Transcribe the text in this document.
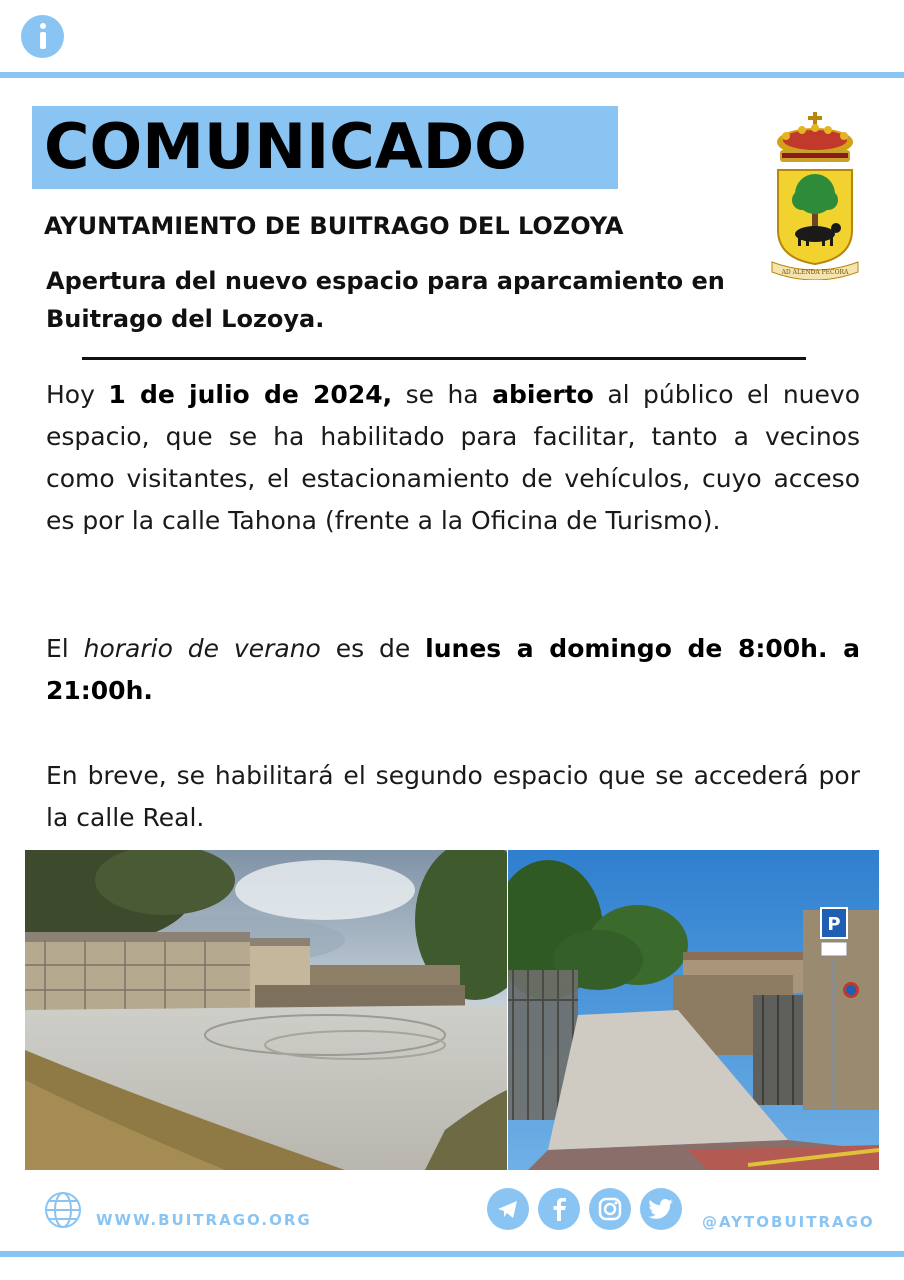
COMUNICADO
AYUNTAMIENTO DE BUITRAGO DEL LOZOYA
AD ALENDA PECORA
Apertura del nuevo espacio para aparcamiento en Buitrago del Lozoya.
Hoy 1 de julio de 2024, se ha abierto al público el nuevo espacio, que se ha habilitado para facilitar, tanto a vecinos como visitantes, el estacionamiento de vehículos, cuyo acceso es por la calle Tahona (frente a la Oficina de Turismo).
El horario de verano es de lunes a domingo de 8:00h. a 21:00h.
En breve, se habilitará el segundo espacio que se accederá por la calle Real.
P
WWW.BUITRAGO.ORG	@AYTOBUITRAGO
